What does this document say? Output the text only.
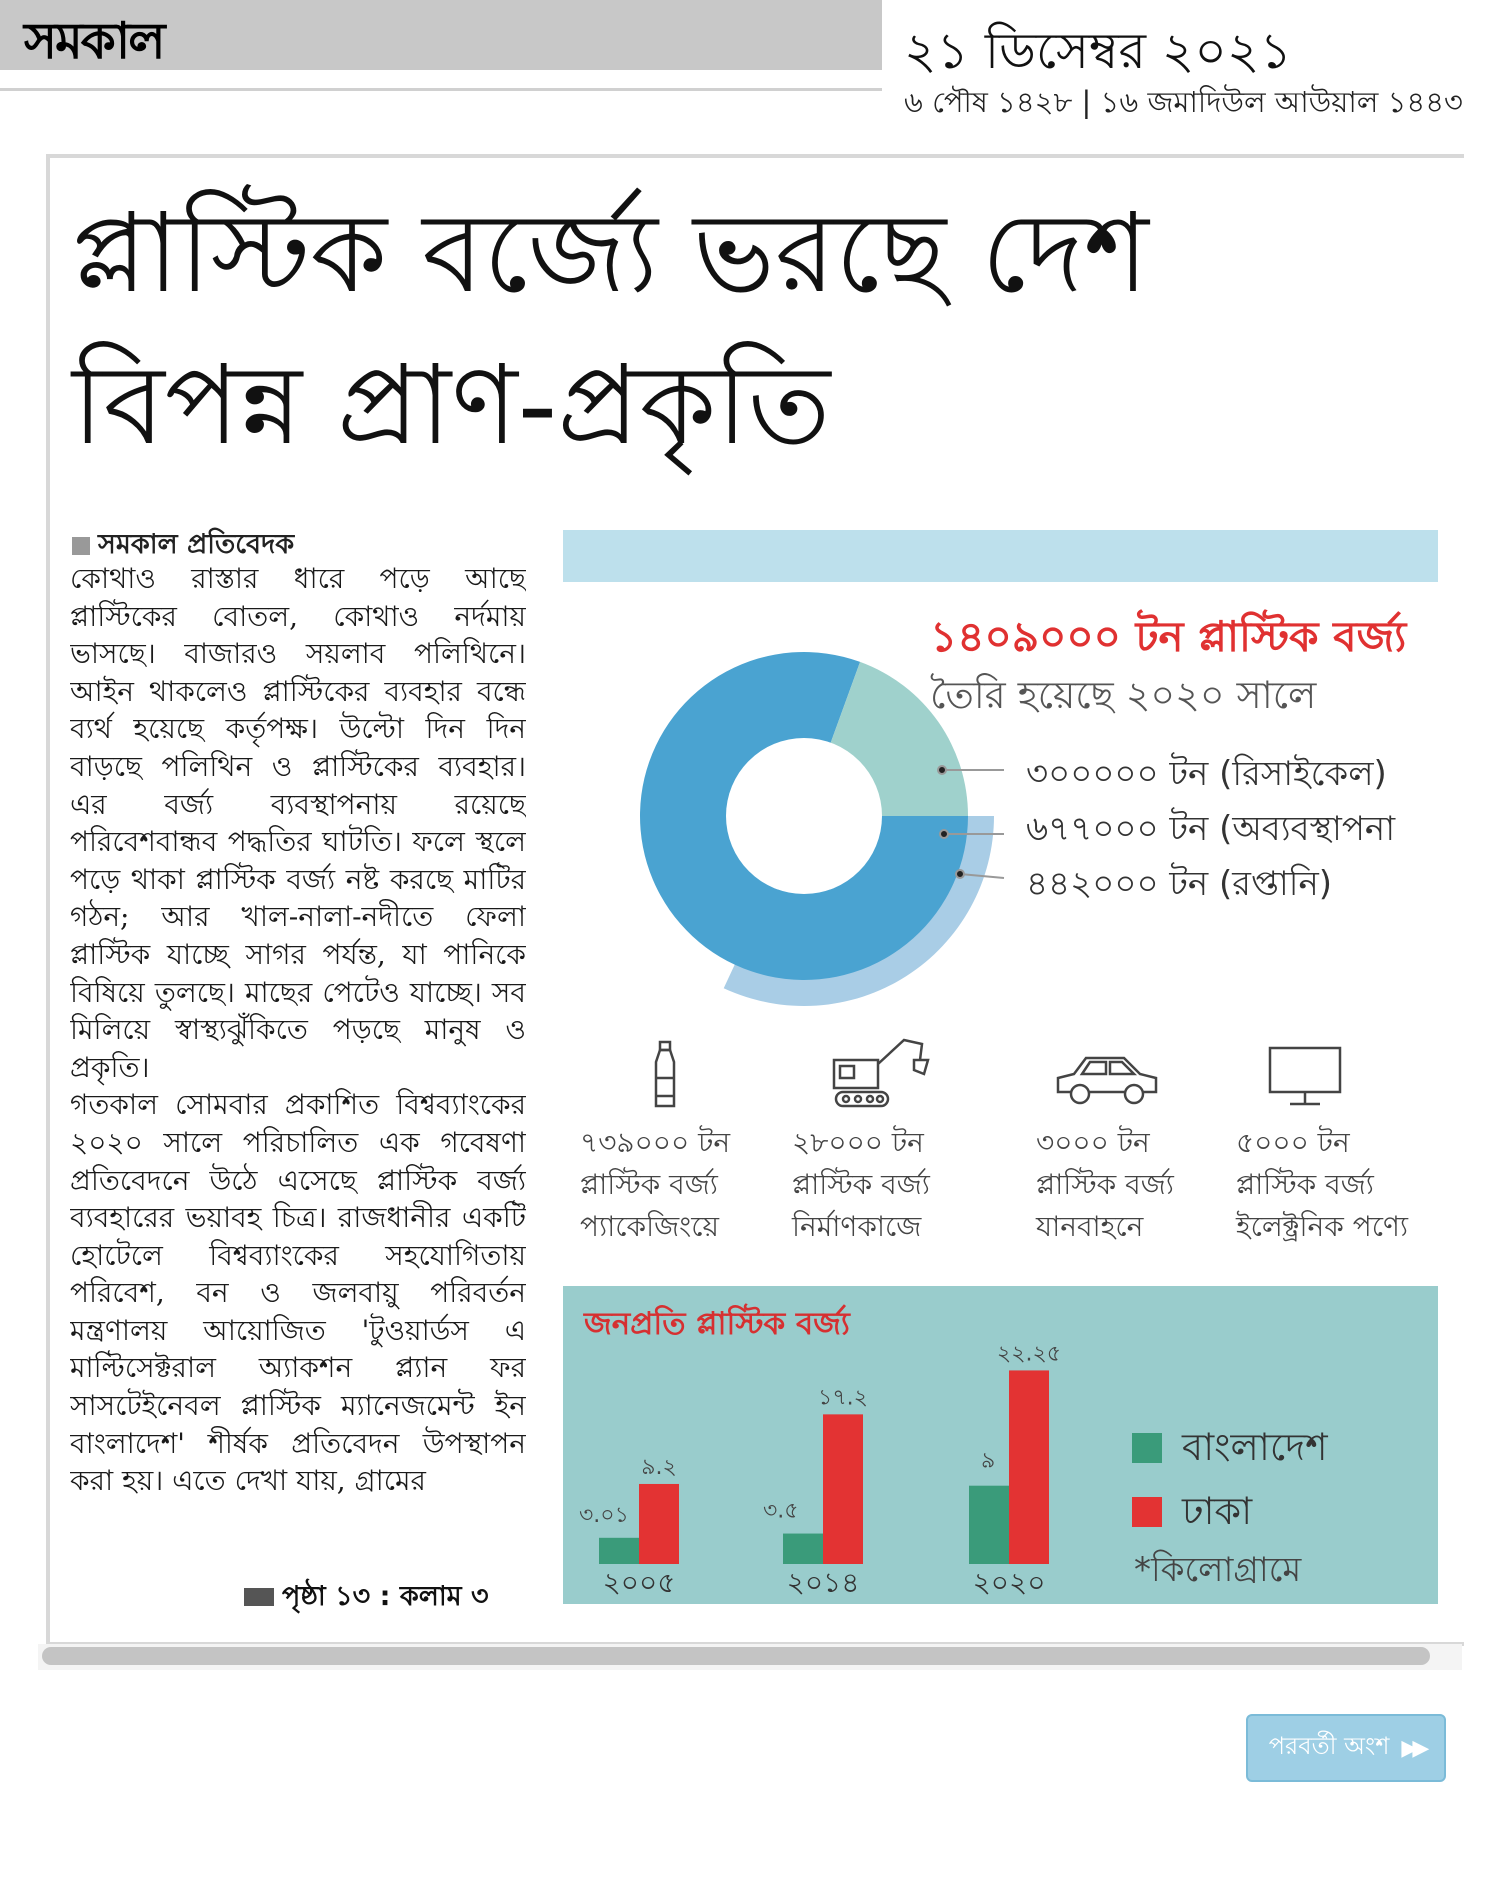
সমকাল	২১ ডিসেম্বর ২০২১
৬ পৌষ ১৪২৮ | ১৬ জমাদিউল আউয়াল ১৪৪৩
প্লাস্টিক বর্জ্যে ভরছে দেশ
বিপন্ন প্রাণ-প্রকৃতি
সমকাল প্রতিবেদক
কোথাও রাস্তার ধারে পড়ে আছে প্লাস্টিকের বোতল, কোথাও নর্দমায় ভাসছে। বাজারও সয়লাব পলিথিনে। আইন থাকলেও প্লাস্টিকের ব্যবহার বন্ধে ব্যর্থ হয়েছে কর্তৃপক্ষ। উল্টো দিন দিন বাড়ছে পলিথিন ও প্লাস্টিকের ব্যবহার। এর বর্জ্য ব্যবস্থাপনায় রয়েছে পরিবেশবান্ধব পদ্ধতির ঘাটতি। ফলে স্থলে পড়ে থাকা প্লাস্টিক বর্জ্য নষ্ট করছে মাটির গঠন; আর খাল-নালা-নদীতে ফেলা প্লাস্টিক যাচ্ছে সাগর পর্যন্ত, যা পানিকে বিষিয়ে তুলছে। মাছের পেটেও যাচ্ছে। সব মিলিয়ে স্বাস্থ্যঝুঁকিতে পড়ছে মানুষ ও প্রকৃতি।
গতকাল সোমবার প্রকাশিত বিশ্বব্যাংকের ২০২০ সালে পরিচালিত এক গবেষণা প্রতিবেদনে উঠে এসেছে প্লাস্টিক বর্জ্য ব্যবহারের ভয়াবহ চিত্র। রাজধানীর একটি হোটেলে বিশ্বব্যাংকের সহযোগিতায় পরিবেশ, বন ও জলবায়ু পরিবর্তন মন্ত্রণালয় আয়োজিত 'টুওয়ার্ডস এ মাল্টিসেক্টরাল অ্যাকশন প্ল্যান ফর সাসটেইনেবল প্লাস্টিক ম্যানেজমেন্ট ইন বাংলাদেশ' শীর্ষক প্রতিবেদন উপস্থাপন করা হয়। এতে দেখা যায়, গ্রামের
পৃষ্ঠা ১৩ : কলাম ৩
১৪০৯০০০ টন প্লাস্টিক বর্জ্য
তৈরি হয়েছে ২০২০ সালে
৩০০০০০ টন (রিসাইকেল)
৬৭৭০০০ টন (অব্যবস্থাপনা
৪৪২০০০ টন (রপ্তানি)
৭৩৯০০০ টন
প্লাস্টিক বর্জ্য
প্যাকেজিংয়ে
২৮০০০ টন
প্লাস্টিক বর্জ্য
নির্মাণকাজে
৩০০০ টন
প্লাস্টিক বর্জ্য
যানবাহনে
৫০০০ টন
প্লাস্টিক বর্জ্য
ইলেক্ট্রনিক পণ্যে
জনপ্রতি প্লাস্টিক বর্জ্য
৩.০১
৯.২
২০০৫
৩.৫
১৭.২
২০১৪
৯
২২.২৫
২০২০
বাংলাদেশ
ঢাকা
*কিলোগ্রামে
পরবর্তী অংশ ▶▶
